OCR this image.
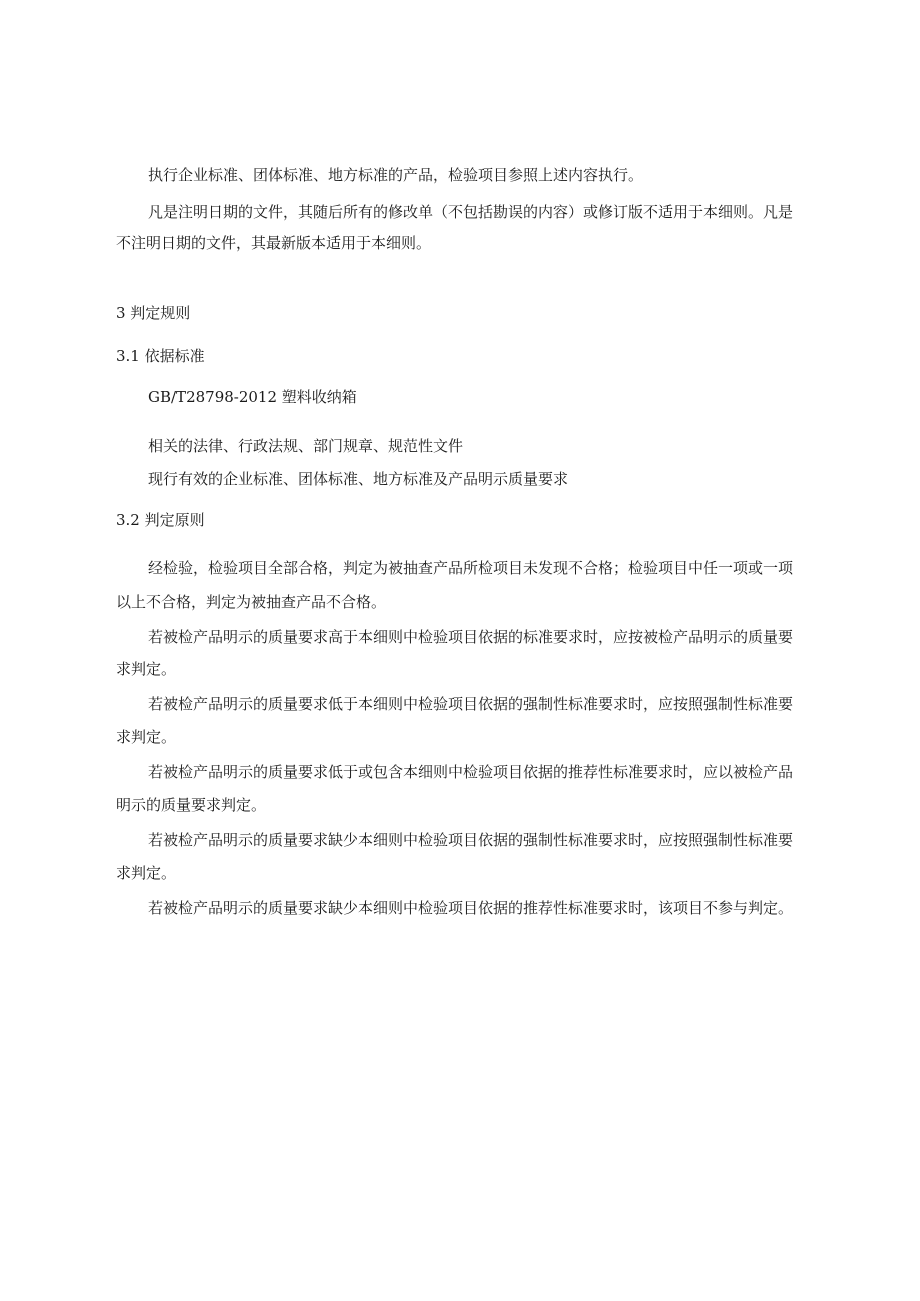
执行企业标准、团体标准、地方标准的产品，检验项目参照上述内容执行。
凡是注明日期的文件，其随后所有的修改单（不包括勘误的内容）或修订版不适用于本细则。凡是
不注明日期的文件，其最新版本适用于本细则。
3 判定规则
3.1 依据标准
GB/T28798-2012 塑料收纳箱
相关的法律、行政法规、部门规章、规范性文件
现行有效的企业标准、团体标准、地方标准及产品明示质量要求
3.2 判定原则
经检验，检验项目全部合格，判定为被抽查产品所检项目未发现不合格；检验项目中任一项或一项
以上不合格，判定为被抽查产品不合格。
若被检产品明示的质量要求高于本细则中检验项目依据的标准要求时，应按被检产品明示的质量要
求判定。
若被检产品明示的质量要求低于本细则中检验项目依据的强制性标准要求时，应按照强制性标准要
求判定。
若被检产品明示的质量要求低于或包含本细则中检验项目依据的推荐性标准要求时，应以被检产品
明示的质量要求判定。
若被检产品明示的质量要求缺少本细则中检验项目依据的强制性标准要求时，应按照强制性标准要
求判定。
若被检产品明示的质量要求缺少本细则中检验项目依据的推荐性标准要求时，该项目不参与判定。
